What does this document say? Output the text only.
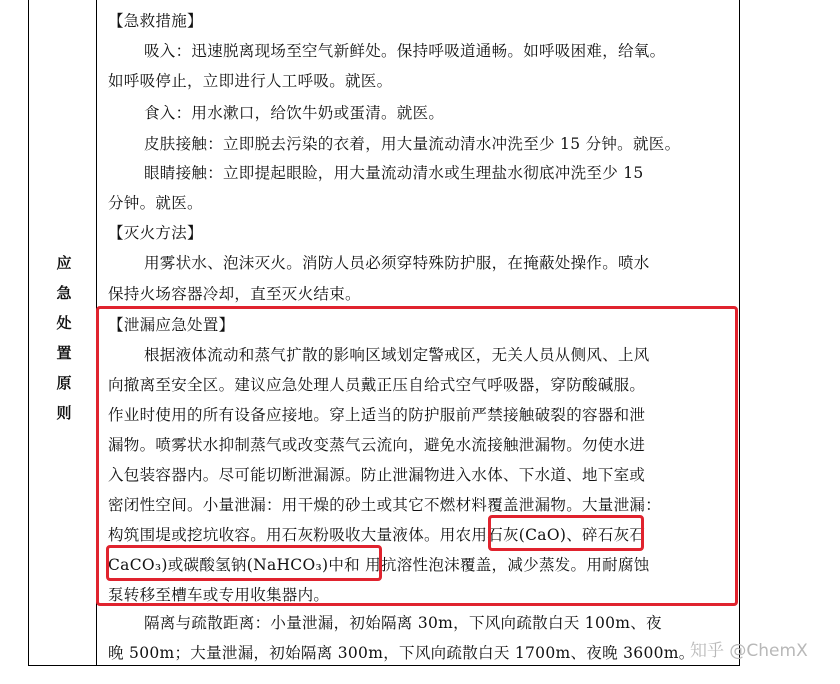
应
急
处
置
原
则
【急救措施】
吸入：迅速脱离现场至空气新鲜处。保持呼吸道通畅。如呼吸困难，给氧。
如呼吸停止，立即进行人工呼吸。就医。
食入：用水漱口，给饮牛奶或蛋清。就医。
皮肤接触：立即脱去污染的衣着，用大量流动清水冲洗至少 15 分钟。就医。
眼睛接触：立即提起眼睑，用大量流动清水或生理盐水彻底冲洗至少 15
分钟。就医。
【灭火方法】
用雾状水、泡沫灭火。消防人员必须穿特殊防护服，在掩蔽处操作。喷水
保持火场容器冷却，直至灭火结束。
【泄漏应急处置】
根据液体流动和蒸气扩散的影响区域划定警戒区，无关人员从侧风、上风
向撤离至安全区。建议应急处理人员戴正压自给式空气呼吸器，穿防酸碱服。
作业时使用的所有设备应接地。穿上适当的防护服前严禁接触破裂的容器和泄
漏物。喷雾状水抑制蒸气或改变蒸气云流向，避免水流接触泄漏物。勿使水进
入包装容器内。尽可能切断泄漏源。防止泄漏物进入水体、下水道、地下室或
密闭性空间。小量泄漏：用干燥的砂土或其它不燃材料覆盖泄漏物。大量泄漏：
构筑围堤或挖坑收容。用石灰粉吸收大量液体。用农用石灰(CaO)、碎石灰石
CaCO₃)或碳酸氢钠(NaHCO₃)中和 用抗溶性泡沫覆盖，减少蒸发。用耐腐蚀
泵转移至槽车或专用收集器内。
隔离与疏散距离：小量泄漏，初始隔离 30m，下风向疏散白天 100m、夜
晚 500m；大量泄漏，初始隔离 300m，下风向疏散白天 1700m、夜晚 3600m。
知乎 @ChemX
